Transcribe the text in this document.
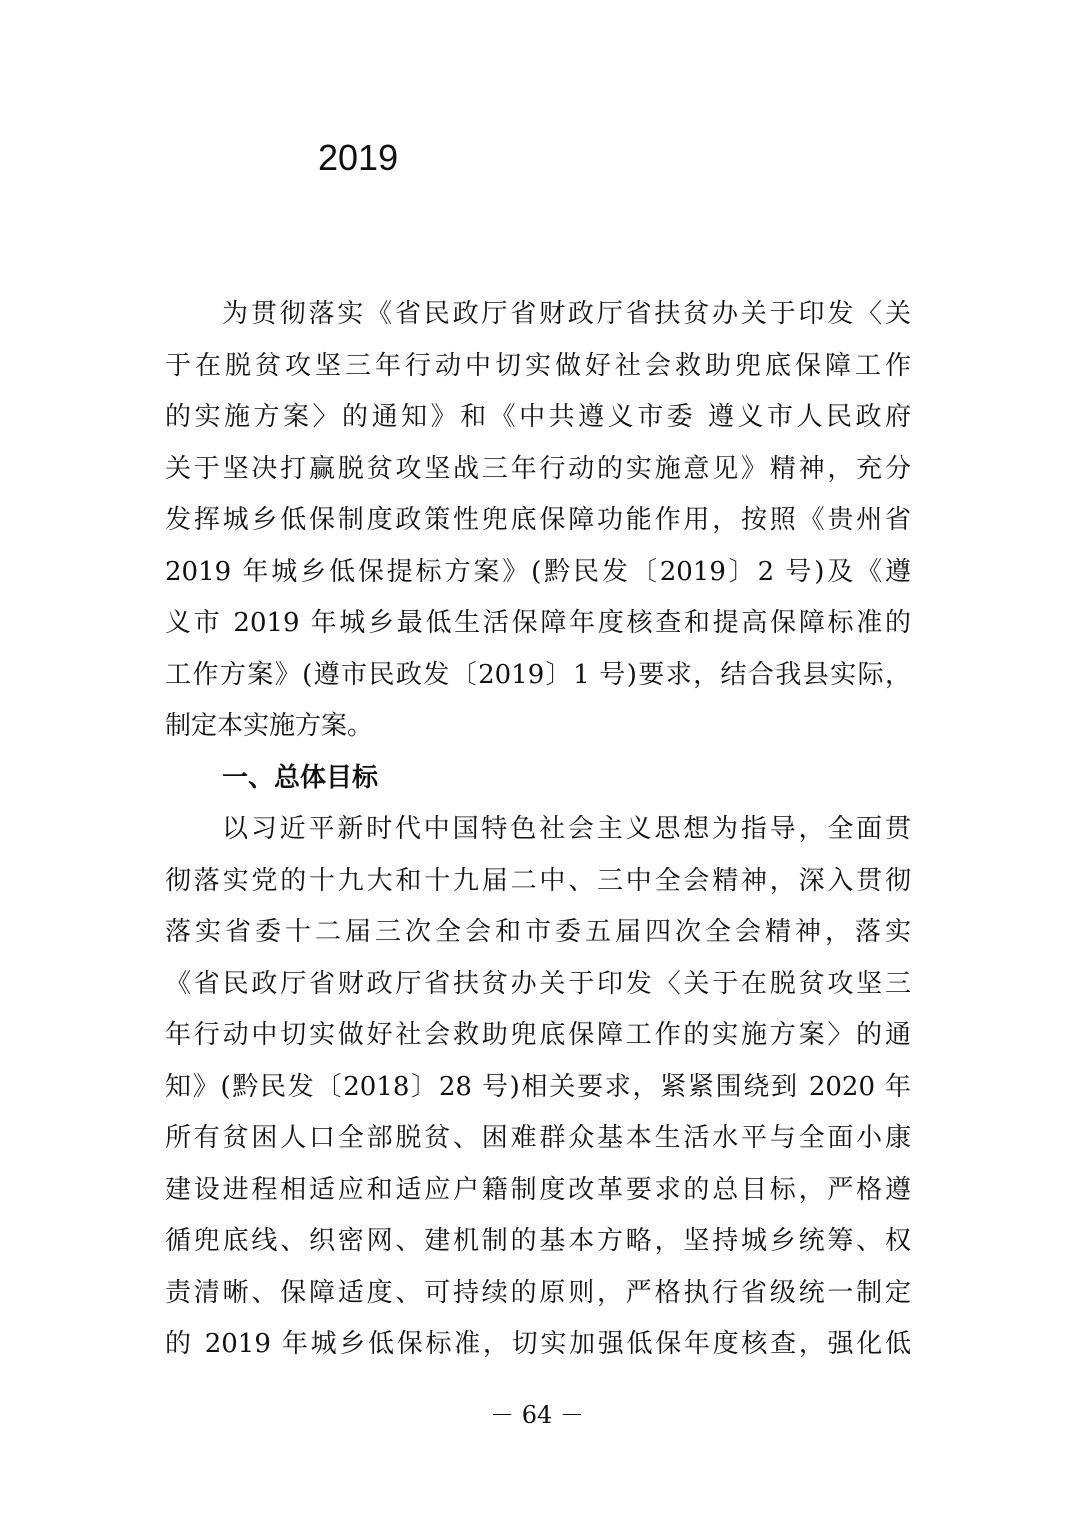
2019
为贯彻落实《省民政厅省财政厅省扶贫办关于印发〈关
于在脱贫攻坚三年行动中切实做好社会救助兜底保障工作
的实施方案〉的通知》和《中共遵义市委 遵义市人民政府
关于坚决打赢脱贫攻坚战三年行动的实施意见》精神，充分
发挥城乡低保制度政策性兜底保障功能作用，按照《贵州省
2019 年城乡低保提标方案》(黔民发〔2019〕2 号)及《遵
义市 2019 年城乡最低生活保障年度核查和提高保障标准的
工作方案》(遵市民政发〔2019〕1 号)要求，结合我县实际，
制定本实施方案。
一、总体目标
以习近平新时代中国特色社会主义思想为指导，全面贯
彻落实党的十九大和十九届二中、三中全会精神，深入贯彻
落实省委十二届三次全会和市委五届四次全会精神，落实
《省民政厅省财政厅省扶贫办关于印发〈关于在脱贫攻坚三
年行动中切实做好社会救助兜底保障工作的实施方案〉的通
知》(黔民发〔2018〕28 号)相关要求，紧紧围绕到 2020 年
所有贫困人口全部脱贫、困难群众基本生活水平与全面小康
建设进程相适应和适应户籍制度改革要求的总目标，严格遵
循兜底线、织密网、建机制的基本方略，坚持城乡统筹、权
责清晰、保障适度、可持续的原则，严格执行省级统一制定
的 2019 年城乡低保标准，切实加强低保年度核查，强化低
－ 64 －
